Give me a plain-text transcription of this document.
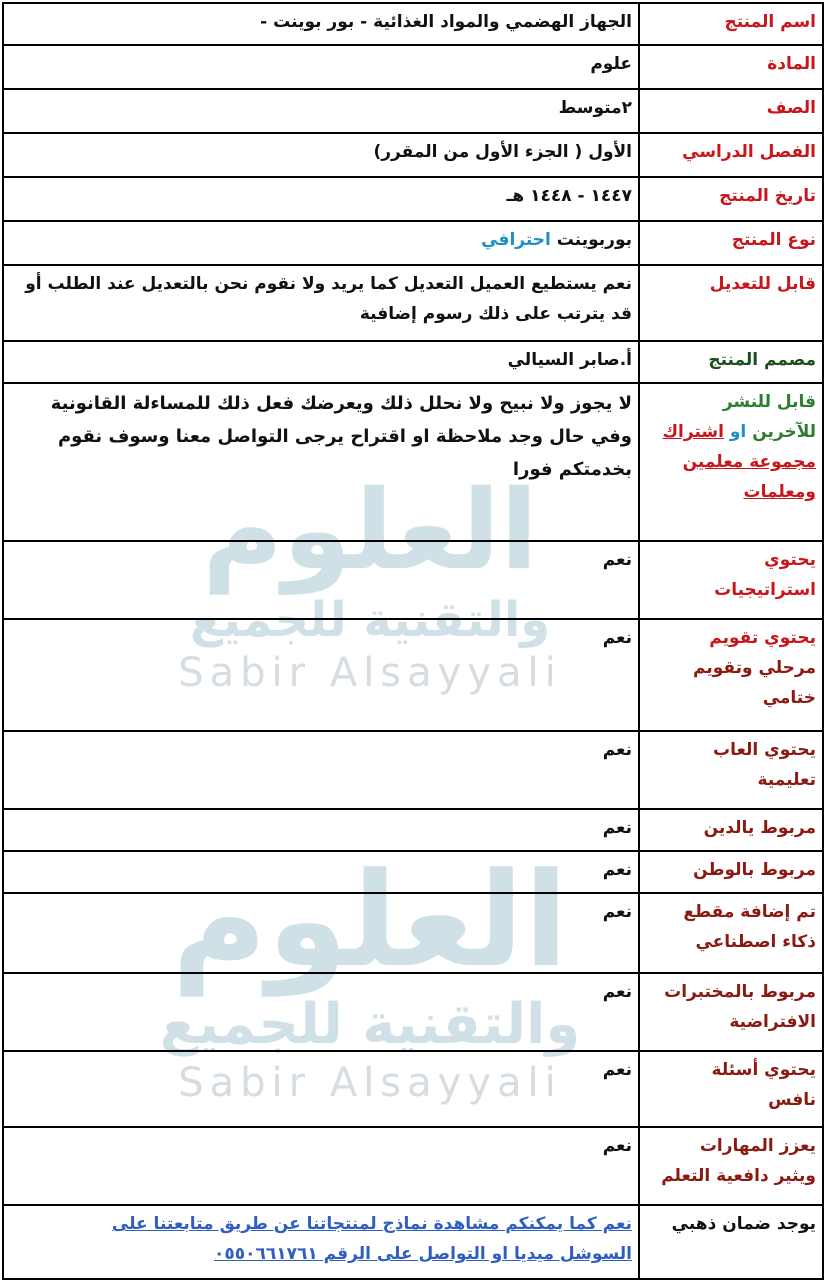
العلوم
والتقنية للجميع
Sabir Alsayyali
العلوم
والتقنية للجميع
Sabir Alsayyali
اسم المنتج	الجهاز الهضمي والمواد الغذائية - بور بوينت -
المادة	علوم
الصف	٢متوسط
الفصل الدراسي	الأول ( الجزء الأول من المقرر)
تاريخ المنتج	١٤٤٧ - ١٤٤٨ هـ
نوع المنتج	بوربوينت احترافي
قابل للتعديل	نعم يستطيع العميل التعديل كما يريد ولا نقوم نحن بالتعديل عند الطلب أو قد يترتب على ذلك رسوم إضافية
مصمم المنتج	أ.صابر السيالي

قابل للنشر
للآخرين او اشتراك
مجموعة معلمين
ومعلمات	لا يجوز ولا نبيح ولا نحلل ذلك ويعرضك فعل ذلك للمساءلة القانونية وفي حال وجد ملاحظة او اقتراح يرجى التواصل معنا وسوف نقوم بخدمتكم فورا

يحتوي
استراتيجيات	نعم

يحتوي تقويم
مرحلي وتقويم
ختامي	نعم

يحتوي العاب
تعليمية	نعم
مربوط يالدين	نعم
مربوط بالوطن	نعم

تم إضافة مقطع
ذكاء اصطناعي	نعم

مربوط بالمختبرات
الافتراضية	نعم

يحتوي أسئلة
نافس	نعم

يعزز المهارات
ويثير دافعية التعلم	نعم
يوجد ضمان ذهبي	نعم كما يمكنكم مشاهدة نماذج لمنتجاتنا عن طريق متابعتنا على
السوشل ميديا او التواصل على الرقم ٠٥٥٠٦٦١٧٦١
